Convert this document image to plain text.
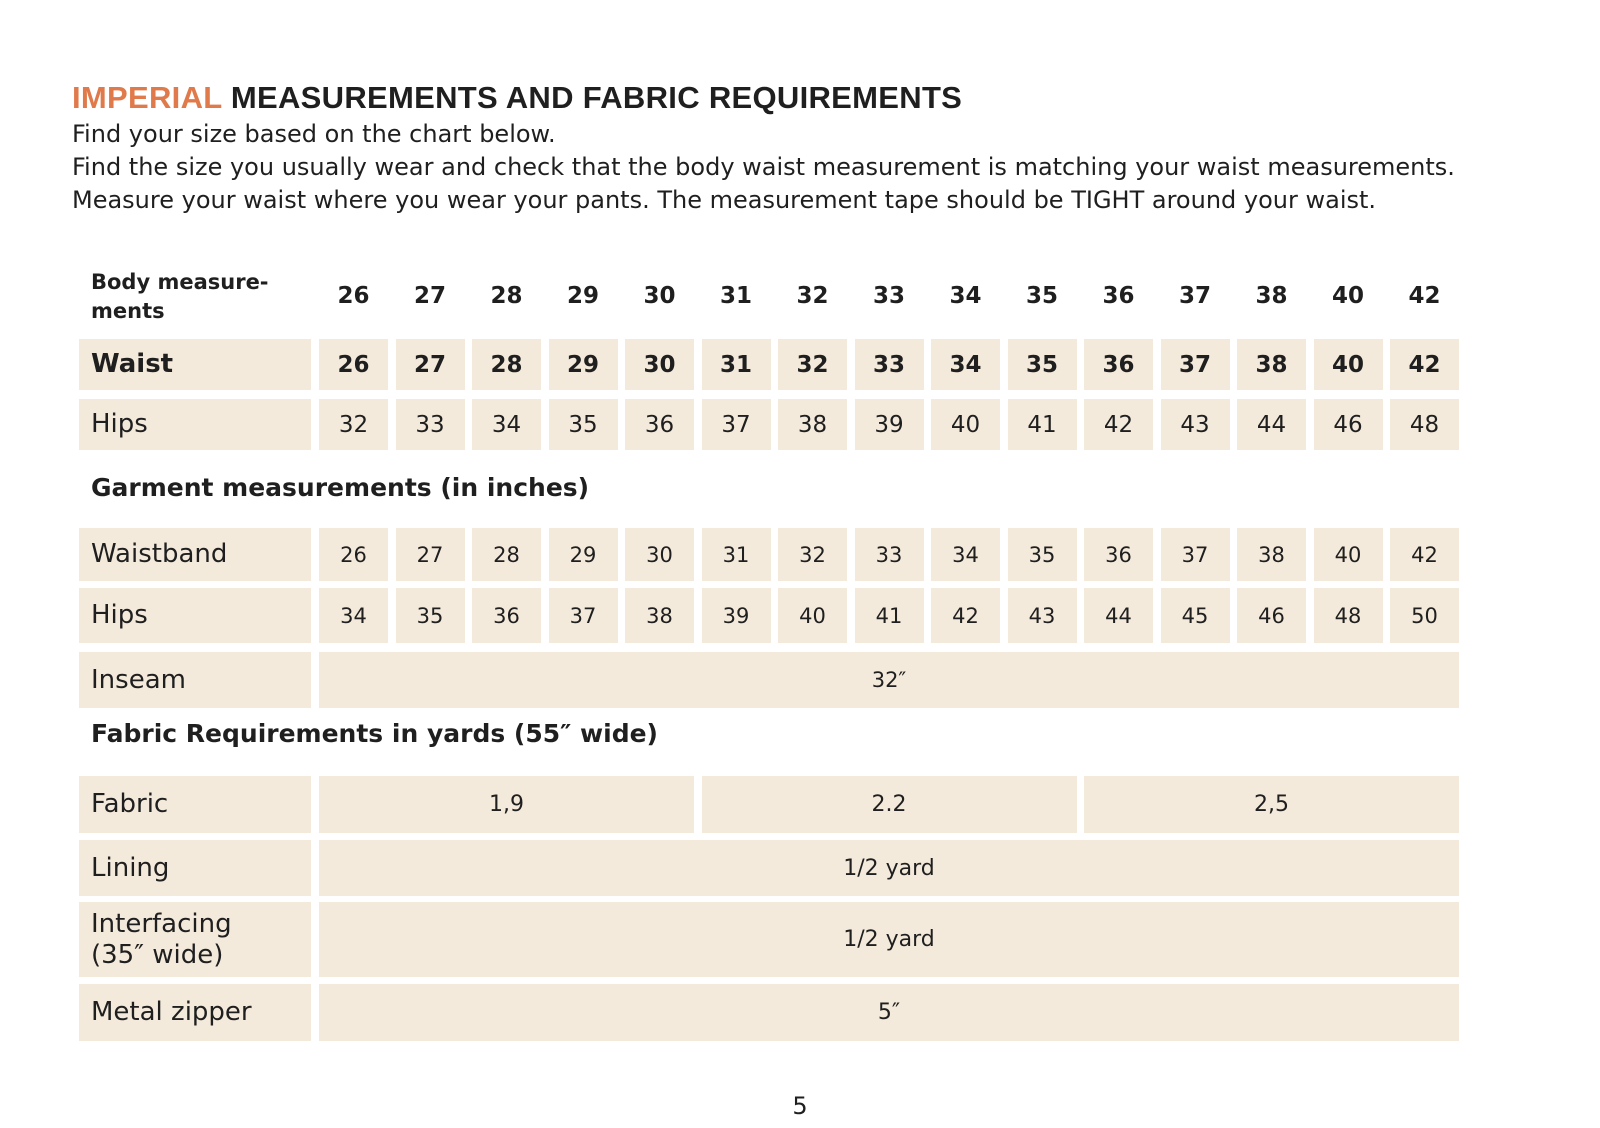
IMPERIAL MEASUREMENTS AND FABRIC REQUIREMENTS

Find your size based on the chart below.

Find the size you usually wear and check that the body waist measurement is matching your waist measurements.

Measure your waist where you wear your pants. The measurement tape should be TIGHT around your waist.

Body measure-
ments
26	27	28	29	30	31	32	33	34	35	36	37	38	40	42
Waist	26	27	28	29	30	31	32	33	34	35	36	37	38	40	42
Hips	32	33	34	35	36	37	38	39	40	41	42	43	44	46	48
Garment measurements (in inches)
Waistband	26	27	28	29	30	31	32	33	34	35	36	37	38	40	42
Hips	34	35	36	37	38	39	40	41	42	43	44	45	46	48	50
Inseam	32″
Fabric Requirements in yards (55″ wide)
Fabric	1,9	2.2	2,5
Lining	1/2 yard
Interfacing
(35″ wide)	1/2 yard
Metal zipper	5″
5
